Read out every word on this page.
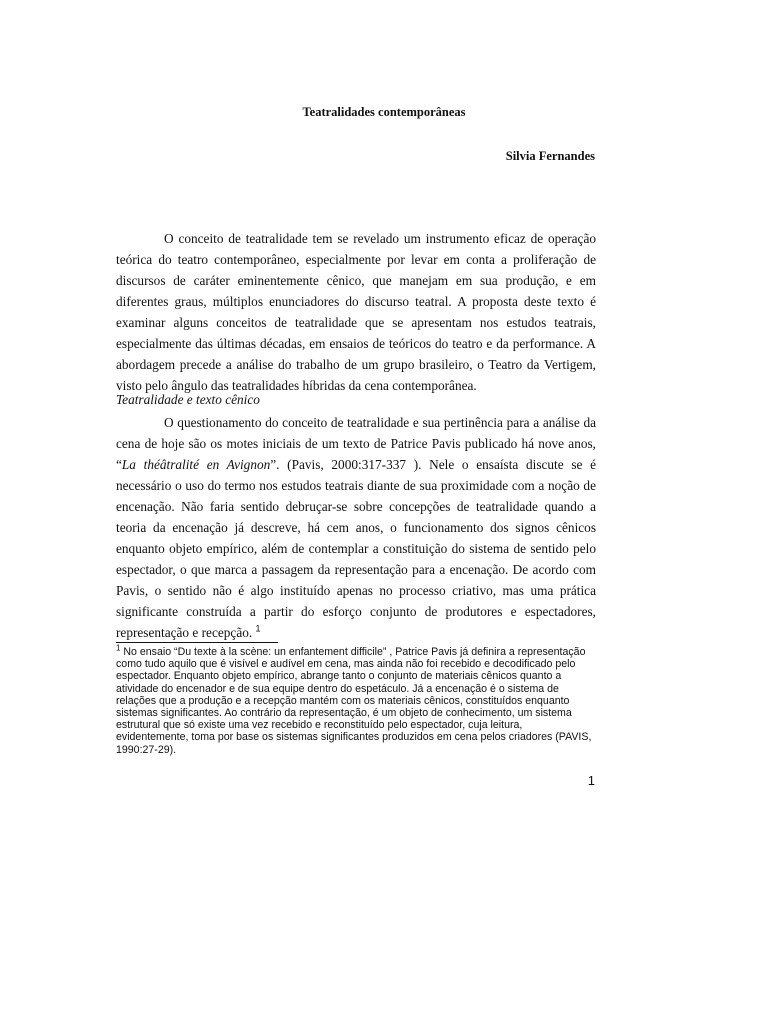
Teatralidades contemporâneas
Silvia Fernandes

O conceito de teatralidade tem se revelado um instrumento eficaz de operação teórica do teatro contemporâneo, especialmente por levar em conta a proliferação de discursos de caráter eminentemente cênico, que manejam em sua produção, e em diferentes graus, múltiplos enunciadores do discurso teatral. A proposta deste texto é examinar alguns conceitos de teatralidade que se apresentam nos estudos teatrais, especialmente das últimas décadas, em ensaios de teóricos do teatro e da performance. A abordagem precede a análise do trabalho de um grupo brasileiro, o Teatro da Vertigem, visto pelo ângulo das teatralidades híbridas da cena contemporânea.

Teatralidade e texto cênico

O questionamento do conceito de teatralidade e sua pertinência para a análise da cena de hoje são os motes iniciais de um texto de Patrice Pavis publicado há nove anos, “La théâtralité en Avignon”. (Pavis, 2000:317-337 ). Nele o ensaísta discute se é necessário o uso do termo nos estudos teatrais diante de sua proximidade com a noção de encenação. Não faria sentido debruçar-se sobre concepções de teatralidade quando a teoria da encenação já descreve, há cem anos, o funcionamento dos signos cênicos enquanto objeto empírico, além de contemplar a constituição do sistema de sentido pelo espectador, o que marca a passagem da representação para a encenação. De acordo com Pavis, o sentido não é algo instituído apenas no processo criativo, mas uma prática significante construída a partir do esforço conjunto de produtores e espectadores, representação e recepção. $^1$

$^1$ No ensaio “Du texte à la scène: un enfantement difficile” , Patrice Pavis já definira a representação como tudo aquilo que é visível e audível em cena, mas ainda não foi recebido e decodificado pelo espectador. Enquanto objeto empírico, abrange tanto o conjunto de materiais cênicos quanto a atividade do encenador e de sua equipe dentro do espetáculo. Já a encenação é o sistema de relações que a produção e a recepção mantém com os materiais cênicos, constituídos enquanto sistemas significantes. Ao contrário da representação, é um objeto de conhecimento, um sistema estrutural que só existe uma vez recebido e reconstituído pelo espectador, cuja leitura, evidentemente, toma por base os sistemas significantes produzidos em cena pelos criadores (PAVIS, 1990:27-29).

1
